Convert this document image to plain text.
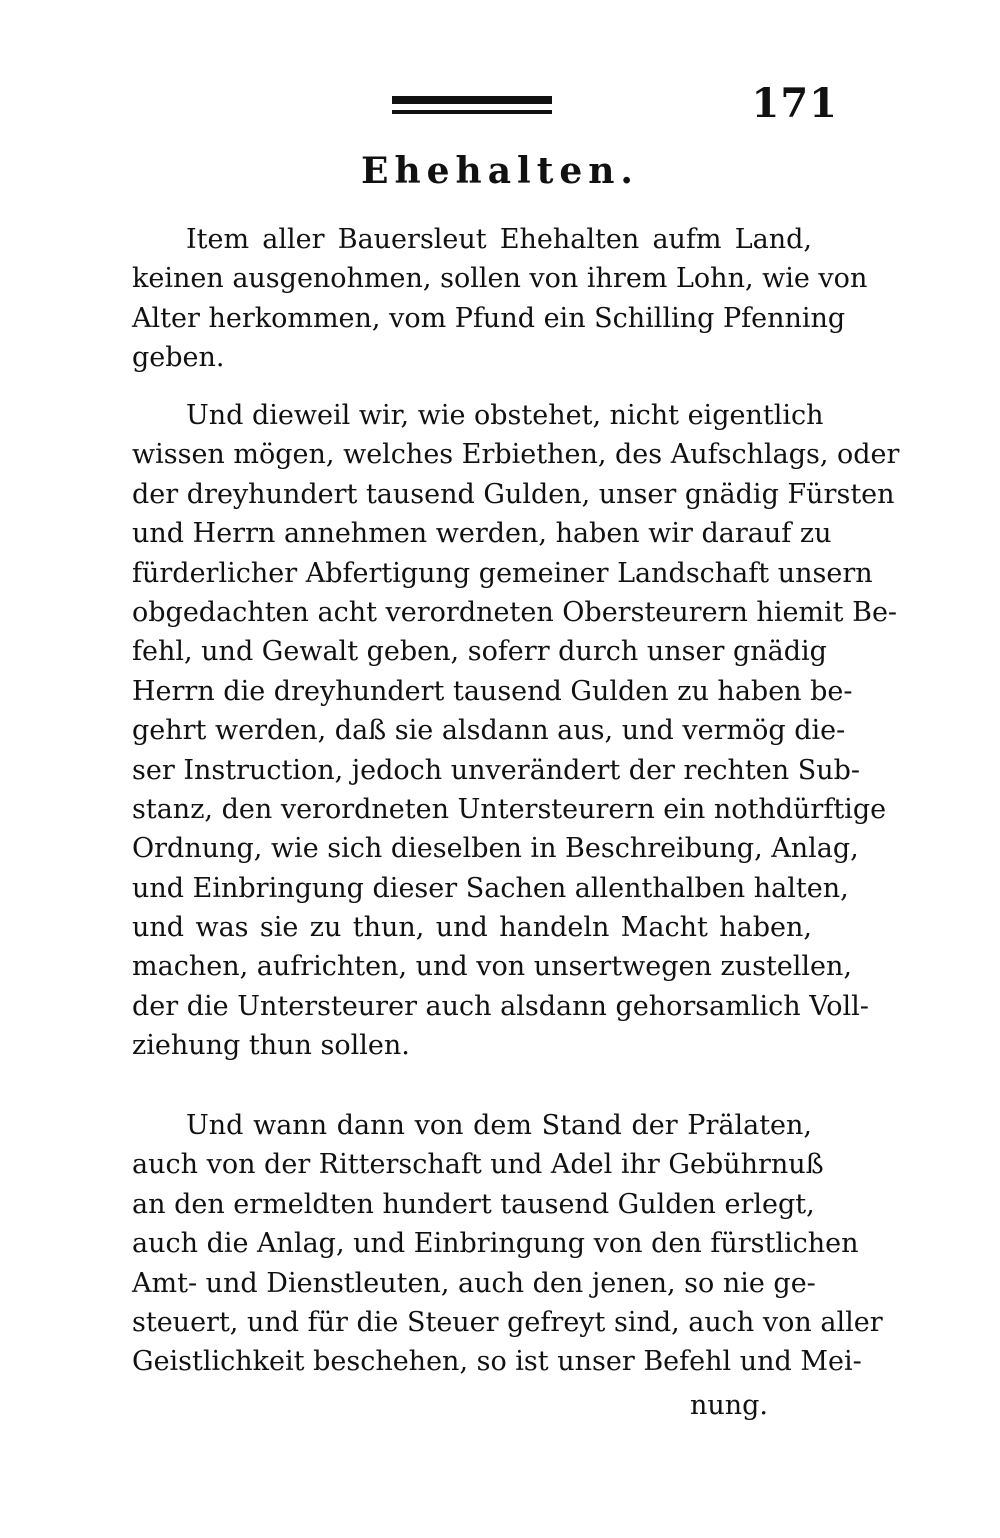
171
Ehehalten.
Item aller Bauersleut Ehehalten aufm Land,
keinen ausgenohmen, sollen von ihrem Lohn, wie von
Alter herkommen, vom Pfund ein Schilling Pfenning
geben.
Und dieweil wir, wie obstehet, nicht eigentlich
wissen mögen, welches Erbiethen, des Aufschlags, oder
der dreyhundert tausend Gulden, unser gnädig Fürsten
und Herrn annehmen werden, haben wir darauf zu
fürderlicher Abfertigung gemeiner Landschaft unsern
obgedachten acht verordneten Obersteurern hiemit Be-
fehl, und Gewalt geben, soferr durch unser gnädig
Herrn die dreyhundert tausend Gulden zu haben be-
gehrt werden, daß sie alsdann aus, und vermög die-
ser Instruction, jedoch unverändert der rechten Sub-
stanz, den verordneten Untersteurern ein nothdürftige
Ordnung, wie sich dieselben in Beschreibung, Anlag,
und Einbringung dieser Sachen allenthalben halten,
und was sie zu thun, und handeln Macht haben,
machen, aufrichten, und von unsertwegen zustellen,
der die Untersteurer auch alsdann gehorsamlich Voll-
ziehung thun sollen.
Und wann dann von dem Stand der Prälaten,
auch von der Ritterschaft und Adel ihr Gebührnuß
an den ermeldten hundert tausend Gulden erlegt,
auch die Anlag, und Einbringung von den fürstlichen
Amt- und Dienstleuten, auch den jenen, so nie ge-
steuert, und für die Steuer gefreyt sind, auch von aller
Geistlichkeit beschehen, so ist unser Befehl und Mei-
nung.
